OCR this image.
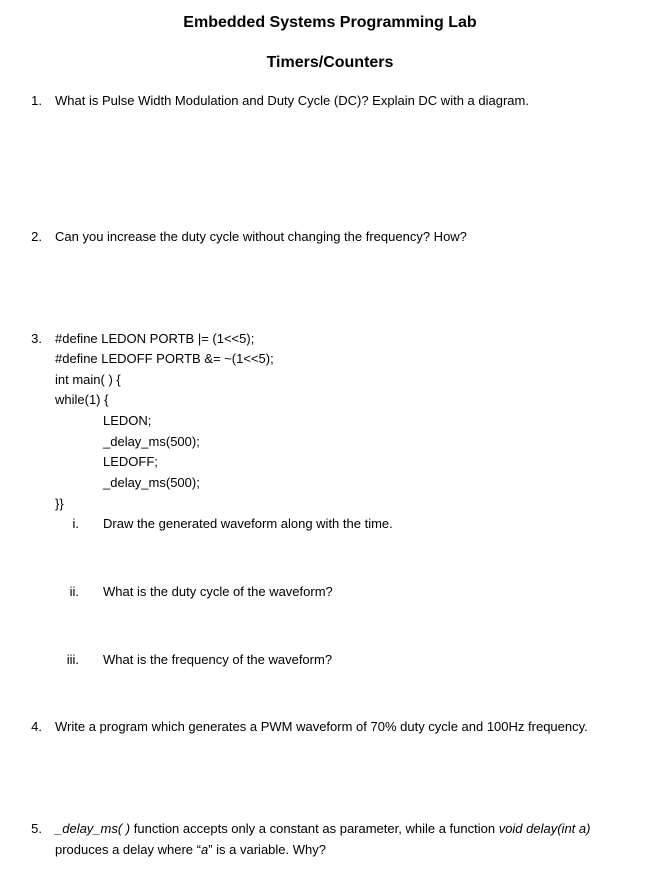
Embedded Systems Programming Lab
Timers/Counters
1. What is Pulse Width Modulation and Duty Cycle (DC)? Explain DC with a diagram.
2. Can you increase the duty cycle without changing the frequency? How?
3. #define LEDON PORTB |= (1<<5);
#define LEDOFF PORTB &= ~(1<<5);
int main( ) {
while(1) {
LEDON;
_delay_ms(500);
LEDOFF;
_delay_ms(500);
}}
i. Draw the generated waveform along with the time.
ii. What is the duty cycle of the waveform?
iii. What is the frequency of the waveform?
4. Write a program which generates a PWM waveform of 70% duty cycle and 100Hz frequency.
5. _delay_ms( ) function accepts only a constant as parameter, while a function void delay(int a)
produces a delay where “a” is a variable. Why?
